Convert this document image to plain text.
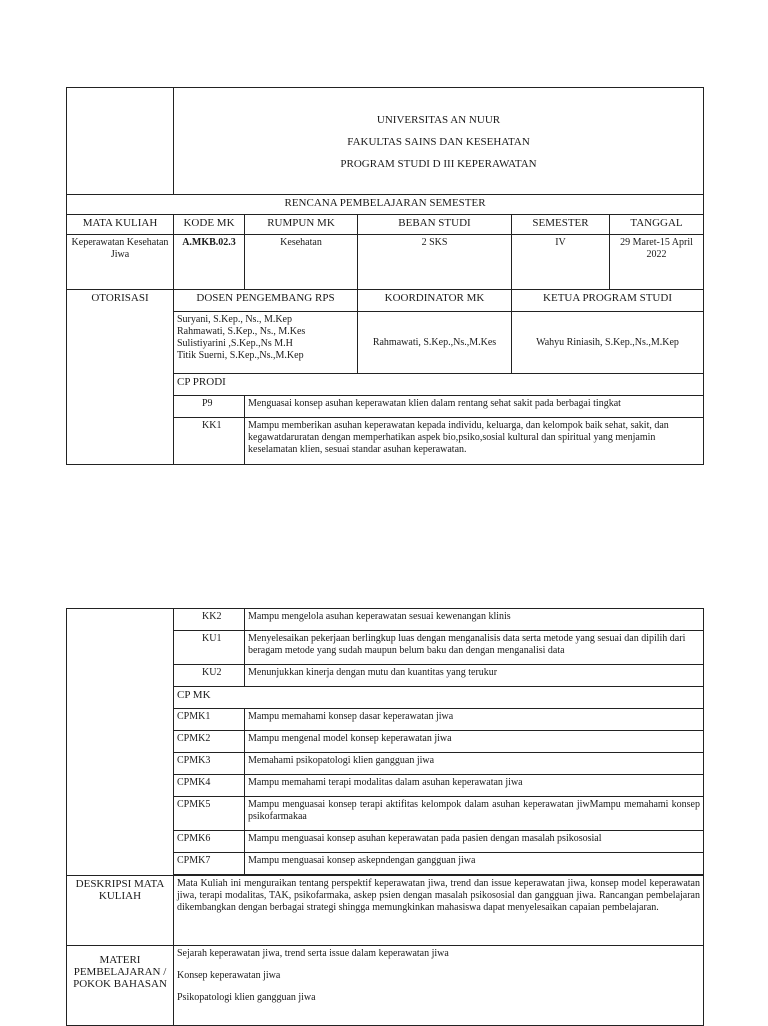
	UNIVERSITAS AN NUUR
FAKULTAS SAINS DAN KESEHATAN
PROGRAM STUDI D III KEPERAWATAN				

RENCANA PEMBELAJARAN SEMESTER					
MATA KULIAH	KODE MK	RUMPUN MK	BEBAN STUDI	SEMESTER	TANGGAL
Keperawatan Kesehatan Jiwa	A.MKB.02.3	Kesehatan	2 SKS	IV	29 Maret-15 April 2022
OTORISASI	DOSEN PENGEMBANG RPS		KOORDINATOR MK	KETUA PROGRAM STUDI	

	Suryani, S.Kep., Ns., M.Kep
Rahmawati, S.Kep., Ns., M.Kes
Sulistiyarini ,S.Kep.,Ns M.H
Titik Suerni, S.Kep.,Ns.,M.Kep		Rahmawati, S.Kep.,Ns.,M.Kes	Wahyu Riniasih, S.Kep.,Ns.,M.Kep	
	CP PRODI				
	P9	Menguasai konsep asuhan keperawatan klien dalam rentang sehat sakit pada berbagai tingkat			
	KK1	Mampu memberikan asuhan keperawatan kepada individu, keluarga, dan kelompok baik sehat, sakit, dan kegawatdaruratan dengan memperhatikan aspek bio,psiko,sosial kultural dan spiritual yang menjamin keselamatan klien, sesuai standar asuhan keperawatan.			
	KK2	Mampu mengelola asuhan keperawatan sesuai kewenangan klinis
	KU1	Menyelesaikan pekerjaan berlingkup luas dengan menganalisis data serta metode yang sesuai dan dipilih dari beragam metode yang sudah maupun belum baku dan dengan menganalisi data
	KU2	Menunjukkan kinerja dengan mutu dan kuantitas yang terukur
	CP MK	
	CPMK1	Mampu memahami konsep dasar keperawatan jiwa
	CPMK2	Mampu mengenal model konsep keperawatan jiwa
	CPMK3	Memahami psikopatologi klien gangguan jiwa
	CPMK4	Mampu memahami terapi modalitas dalam asuhan keperawatan jiwa
	CPMK5	Mampu menguasai konsep terapi aktifitas kelompok dalam asuhan keperawatan jiwMampu memahami konsep psikofarmakaa
	CPMK6	Mampu menguasai konsep asuhan keperawatan pada pasien dengan masalah psikososial
	CPMK7	Mampu menguasai konsep askepndengan gangguan jiwa

DESKRIPSI MATA KULIAH	Mata Kuliah ini menguraikan tentang perspektif keperawatan jiwa, trend dan issue keperawatan jiwa, konsep model keperawatan jiwa, terapi modalitas, TAK, psikofarmaka, askep psien dengan masalah psikososial dan gangguan jiwa. Rancangan pembelajaran dikembangkan dengan berbagai strategi shingga memungkinkan mahasiswa dapat menyelesaikan capaian pembelajaran.	
MATERI PEMBELAJARAN / POKOK BAHASAN	Sejarah keperawatan jiwa, trend serta issue dalam keperawatan jiwa

Konsep keperawatan jiwa

Psikopatologi klien gangguan jiwa	
